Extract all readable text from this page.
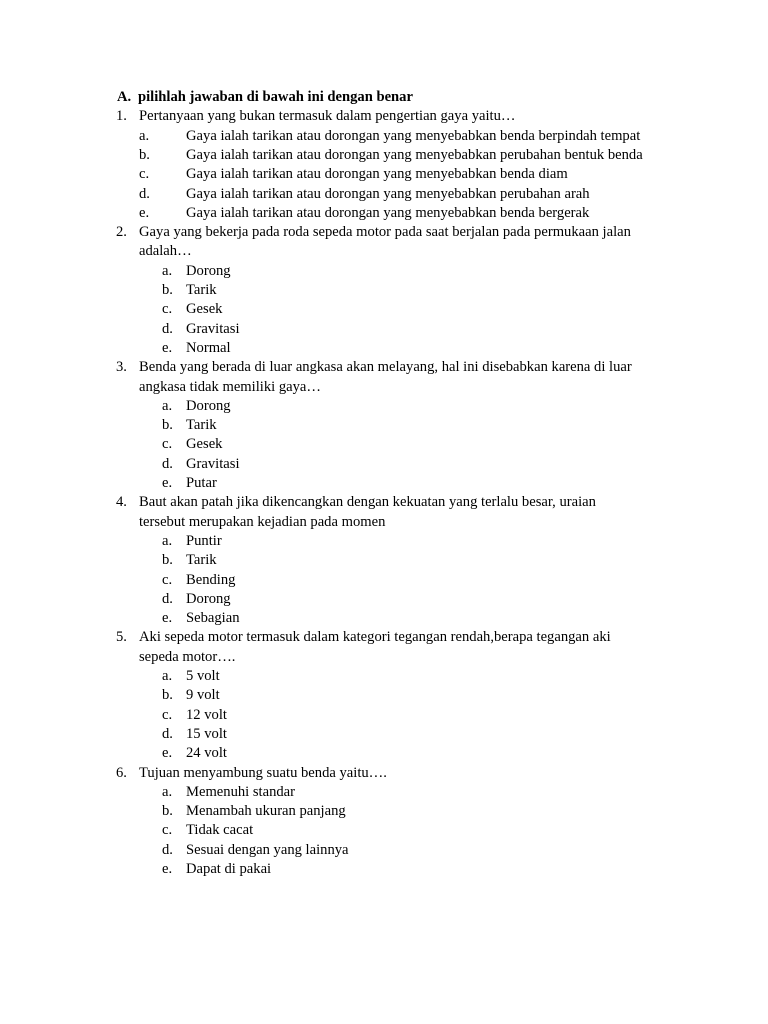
A. pilihlah jawaban di bawah ini dengan benar
1. Pertanyaan yang bukan termasuk dalam pengertian gaya yaitu…
a.	Gaya ialah tarikan atau dorongan yang menyebabkan benda berpindah tempat
b. Gaya ialah tarikan atau dorongan yang menyebabkan perubahan bentuk benda
c.	Gaya ialah tarikan atau dorongan yang menyebabkan benda diam
d. Gaya ialah tarikan atau dorongan yang menyebabkan perubahan arah
e.	Gaya ialah tarikan atau dorongan yang menyebabkan benda bergerak
2. Gaya yang bekerja pada roda sepeda motor pada saat berjalan pada permukaan jalan
adalah…
a. Dorong
b. Tarik
c. Gesek
d. Gravitasi
e. Normal
3. Benda yang berada di luar angkasa akan melayang, hal ini disebabkan karena di luar
angkasa tidak memiliki gaya…
a. Dorong
b. Tarik
c. Gesek
d. Gravitasi
e. Putar
4. Baut akan patah jika dikencangkan dengan kekuatan yang terlalu besar, uraian
tersebut merupakan kejadian pada momen
a. Puntir
b. Tarik
c. Bending
d. Dorong
e. Sebagian
5. Aki sepeda motor termasuk dalam kategori tegangan rendah,berapa tegangan aki
sepeda motor….
a. 5 volt
b. 9 volt
c. 12 volt
d. 15 volt
e. 24 volt
6. Tujuan menyambung suatu benda yaitu….
a. Memenuhi standar
b. Menambah ukuran panjang
c. Tidak cacat
d. Sesuai dengan yang lainnya
e. Dapat di pakai
